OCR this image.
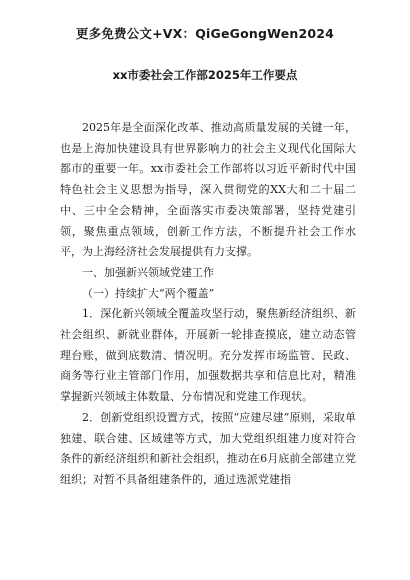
更多免费公文+VX：QiGeGongWen2024
xx市委社会工作部2025年工作要点

2025年是全面深化改革、推动高质量发展的关键一年，也是上海加快建设具有世界影响力的社会主义现代化国际大都市的重要一年。xx市委社会工作部将以习近平新时代中国特色社会主义思想为指导，深入贯彻党的XX大和二十届二中、三中全会精神，全面落实市委决策部署，坚持党建引领，聚焦重点领域，创新工作方法，不断提升社会工作水平，为上海经济社会发展提供有力支撑。

一、加强新兴领域党建工作

（一）持续扩大“两个覆盖”

1．深化新兴领域全覆盖攻坚行动，聚焦新经济组织、新社会组织、新就业群体，开展新一轮排查摸底，建立动态管理台账，做到底数清、情况明。充分发挥市场监管、民政、商务等行业主管部门作用，加强数据共享和信息比对，精准掌握新兴领域主体数量、分布情况和党建工作现状。

2．创新党组织设置方式，按照“应建尽建”原则，采取单独建、联合建、区域建等方式，加大党组织组建力度对符合条件的新经济组织和新社会组织，推动在6月底前全部建立党组织；对暂不具备组建条件的，通过选派党建指
